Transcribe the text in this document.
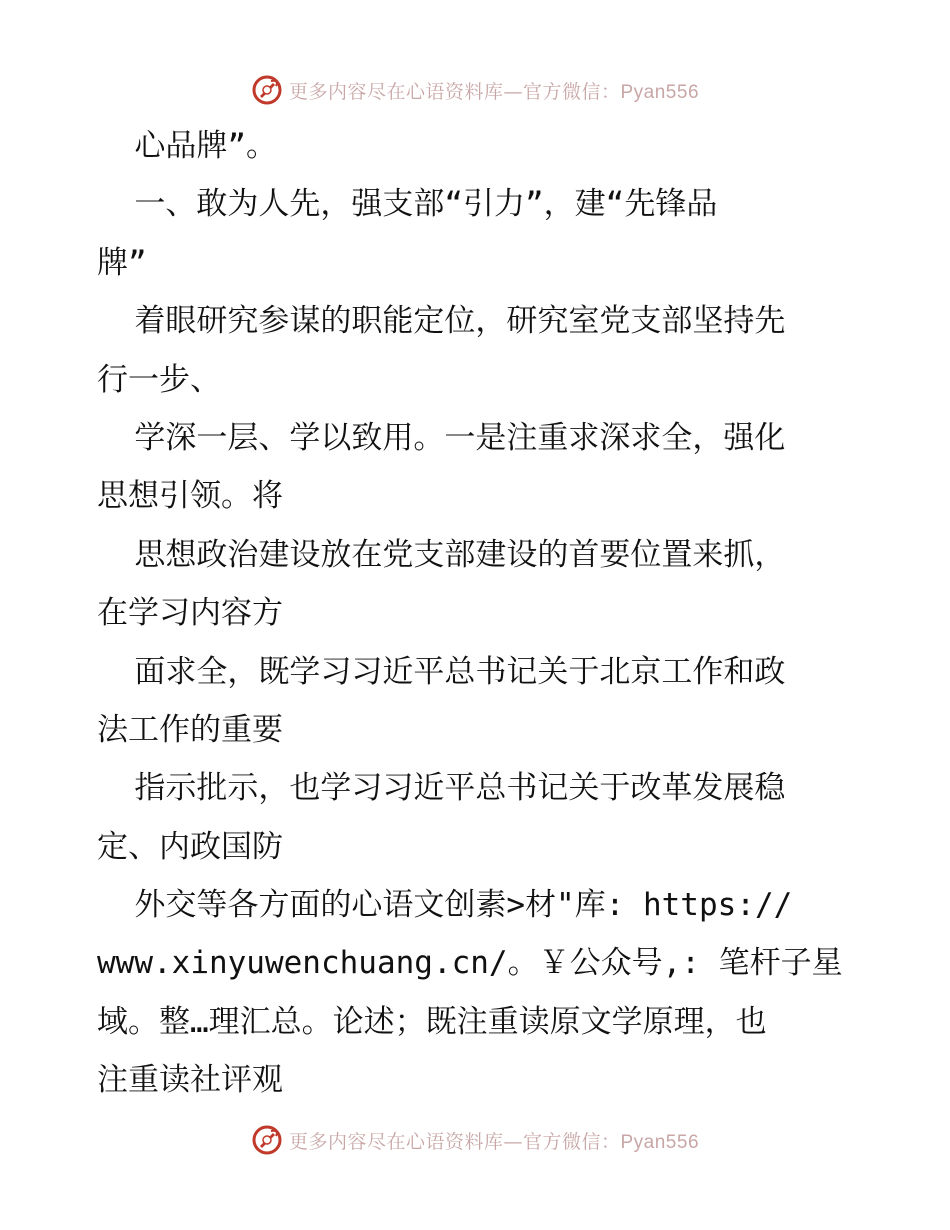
更多内容尽在心语资料库—官方微信：Pyan556
心品牌”。
一、敢为人先，强支部“引力”，建“先锋品
牌”
着眼研究参谋的职能定位，研究室党支部坚持先
行一步、
学深一层、学以致用。一是注重求深求全，强化
思想引领。将
思想政治建设放在党支部建设的首要位置来抓，
在学习内容方
面求全，既学习习近平总书记关于北京工作和政
法工作的重要
指示批示，也学习习近平总书记关于改革发展稳
定、内政国防
外交等各方面的心语文创素>材"库: https://
www.xinyuwenchuang.cn/。￥公众号,: 笔杆子星
域。整…理汇总。论述；既注重读原文学原理，也
注重读社评观
更多内容尽在心语资料库—官方微信：Pyan556
